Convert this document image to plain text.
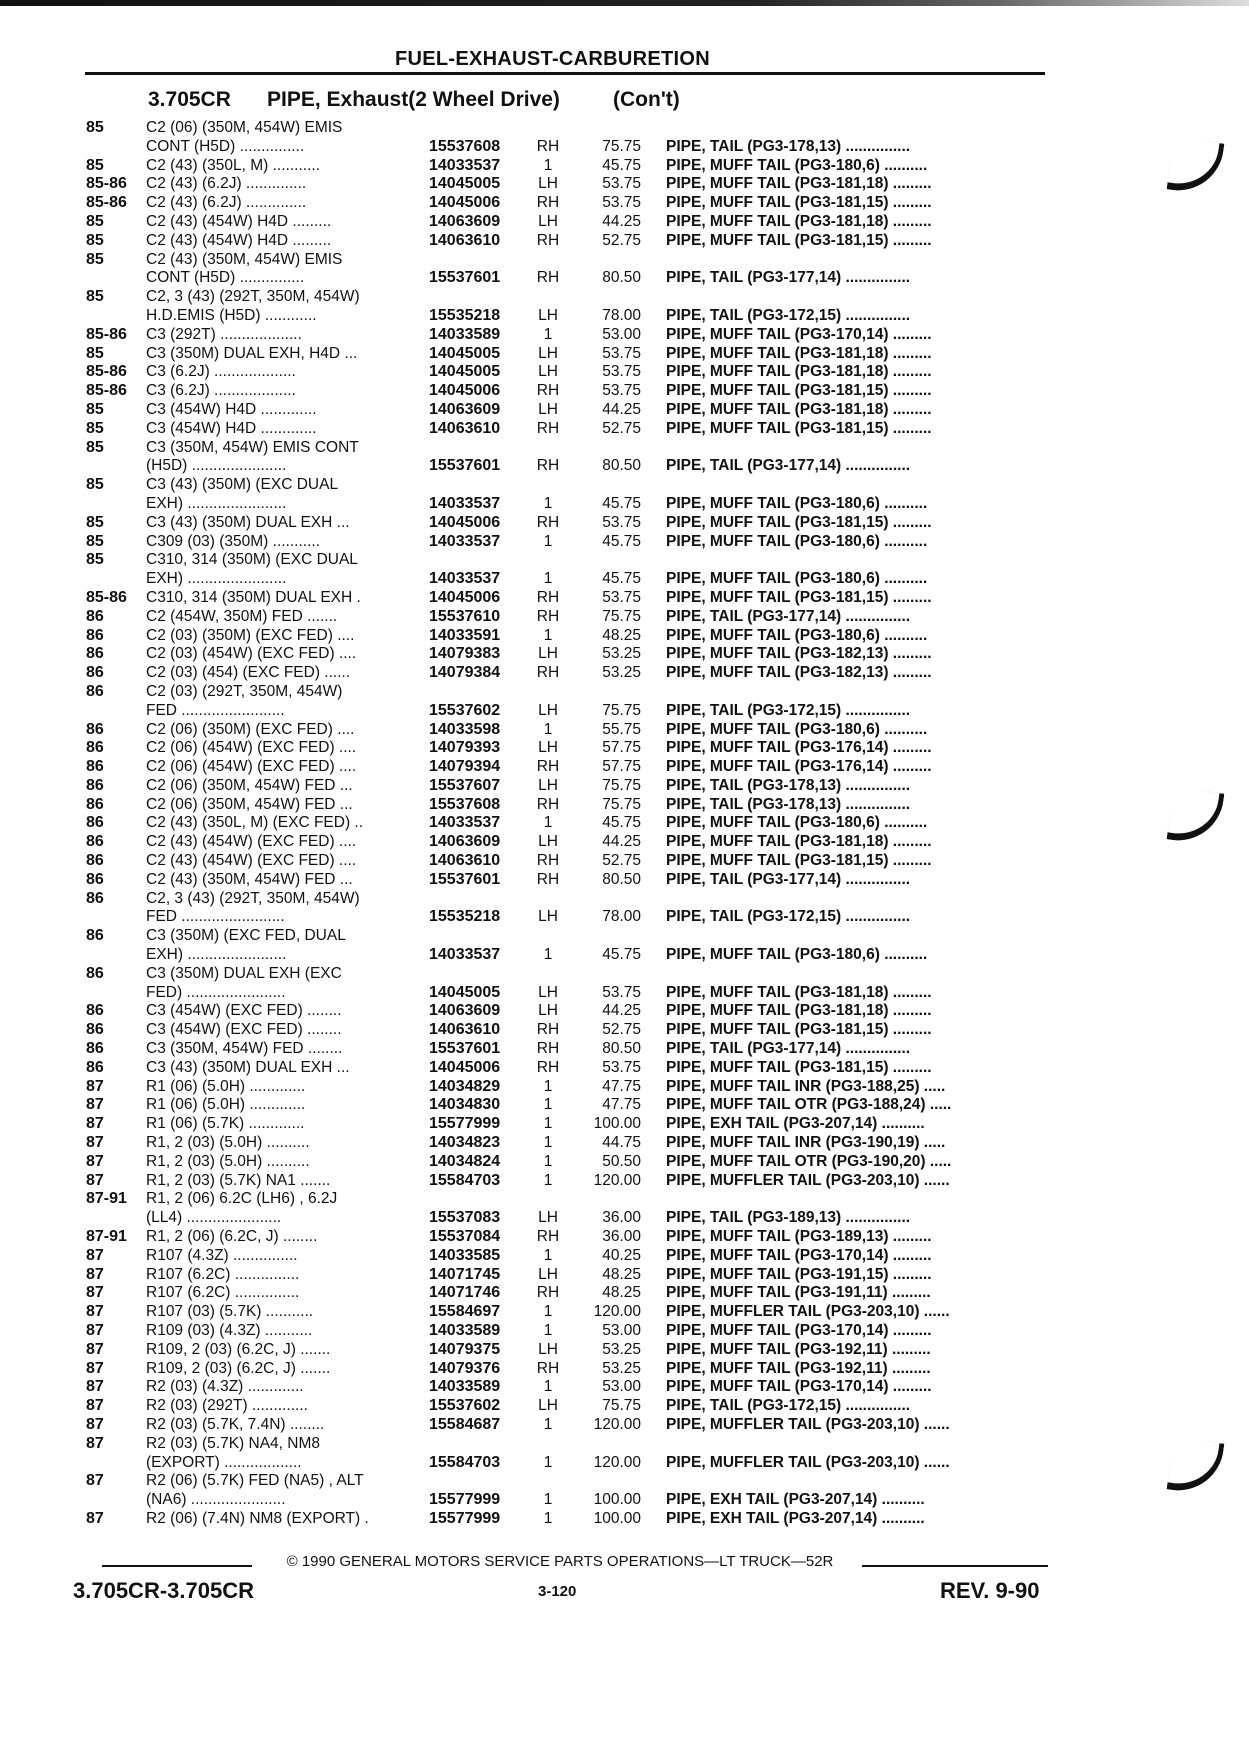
FUEL-EXHAUST-CARBURETION
3.705CR	PIPE, Exhaust(2 Wheel Drive)	(Con't)
85	C2 (06) (350M, 454W) EMIS
CONT (H5D) ...............	15537608	RH	75.75	PIPE, TAIL (PG3-178,13) ...............
85	C2 (43) (350L, M) ...........	14033537	1	45.75	PIPE, MUFF TAIL (PG3-180,6) ..........
85-86	C2 (43) (6.2J) ..............	14045005	LH	53.75	PIPE, MUFF TAIL (PG3-181,18) .........
85-86	C2 (43) (6.2J) ..............	14045006	RH	53.75	PIPE, MUFF TAIL (PG3-181,15) .........
85	C2 (43) (454W) H4D .........	14063609	LH	44.25	PIPE, MUFF TAIL (PG3-181,18) .........
85	C2 (43) (454W) H4D .........	14063610	RH	52.75	PIPE, MUFF TAIL (PG3-181,15) .........
85	C2 (43) (350M, 454W) EMIS
CONT (H5D) ...............	15537601	RH	80.50	PIPE, TAIL (PG3-177,14) ...............
85	C2, 3 (43) (292T, 350M, 454W)
H.D.EMIS (H5D) ............	15535218	LH	78.00	PIPE, TAIL (PG3-172,15) ...............
85-86	C3 (292T) ...................	14033589	1	53.00	PIPE, MUFF TAIL (PG3-170,14) .........
85	C3 (350M) DUAL EXH, H4D ...	14045005	LH	53.75	PIPE, MUFF TAIL (PG3-181,18) .........
85-86	C3 (6.2J) ...................	14045005	LH	53.75	PIPE, MUFF TAIL (PG3-181,18) .........
85-86	C3 (6.2J) ...................	14045006	RH	53.75	PIPE, MUFF TAIL (PG3-181,15) .........
85	C3 (454W) H4D .............	14063609	LH	44.25	PIPE, MUFF TAIL (PG3-181,18) .........
85	C3 (454W) H4D .............	14063610	RH	52.75	PIPE, MUFF TAIL (PG3-181,15) .........
85	C3 (350M, 454W) EMIS CONT
(H5D) ......................	15537601	RH	80.50	PIPE, TAIL (PG3-177,14) ...............
85	C3 (43) (350M) (EXC DUAL
EXH) .......................	14033537	1	45.75	PIPE, MUFF TAIL (PG3-180,6) ..........
85	C3 (43) (350M) DUAL EXH ...	14045006	RH	53.75	PIPE, MUFF TAIL (PG3-181,15) .........
85	C309 (03) (350M) ...........	14033537	1	45.75	PIPE, MUFF TAIL (PG3-180,6) ..........
85	C310, 314 (350M) (EXC DUAL
EXH) .......................	14033537	1	45.75	PIPE, MUFF TAIL (PG3-180,6) ..........
85-86	C310, 314 (350M) DUAL EXH .	14045006	RH	53.75	PIPE, MUFF TAIL (PG3-181,15) .........
86	C2 (454W, 350M) FED .......	15537610	RH	75.75	PIPE, TAIL (PG3-177,14) ...............
86	C2 (03) (350M) (EXC FED) ....	14033591	1	48.25	PIPE, MUFF TAIL (PG3-180,6) ..........
86	C2 (03) (454W) (EXC FED) ....	14079383	LH	53.25	PIPE, MUFF TAIL (PG3-182,13) .........
86	C2 (03) (454) (EXC FED) ......	14079384	RH	53.25	PIPE, MUFF TAIL (PG3-182,13) .........
86	C2 (03) (292T, 350M, 454W)
FED ........................	15537602	LH	75.75	PIPE, TAIL (PG3-172,15) ...............
86	C2 (06) (350M) (EXC FED) ....	14033598	1	55.75	PIPE, MUFF TAIL (PG3-180,6) ..........
86	C2 (06) (454W) (EXC FED) ....	14079393	LH	57.75	PIPE, MUFF TAIL (PG3-176,14) .........
86	C2 (06) (454W) (EXC FED) ....	14079394	RH	57.75	PIPE, MUFF TAIL (PG3-176,14) .........
86	C2 (06) (350M, 454W) FED ...	15537607	LH	75.75	PIPE, TAIL (PG3-178,13) ...............
86	C2 (06) (350M, 454W) FED ...	15537608	RH	75.75	PIPE, TAIL (PG3-178,13) ...............
86	C2 (43) (350L, M) (EXC FED) ..	14033537	1	45.75	PIPE, MUFF TAIL (PG3-180,6) ..........
86	C2 (43) (454W) (EXC FED) ....	14063609	LH	44.25	PIPE, MUFF TAIL (PG3-181,18) .........
86	C2 (43) (454W) (EXC FED) ....	14063610	RH	52.75	PIPE, MUFF TAIL (PG3-181,15) .........
86	C2 (43) (350M, 454W) FED ...	15537601	RH	80.50	PIPE, TAIL (PG3-177,14) ...............
86	C2, 3 (43) (292T, 350M, 454W)
FED ........................	15535218	LH	78.00	PIPE, TAIL (PG3-172,15) ...............
86	C3 (350M) (EXC FED, DUAL
EXH) .......................	14033537	1	45.75	PIPE, MUFF TAIL (PG3-180,6) ..........
86	C3 (350M) DUAL EXH (EXC
FED) .......................	14045005	LH	53.75	PIPE, MUFF TAIL (PG3-181,18) .........
86	C3 (454W) (EXC FED) ........	14063609	LH	44.25	PIPE, MUFF TAIL (PG3-181,18) .........
86	C3 (454W) (EXC FED) ........	14063610	RH	52.75	PIPE, MUFF TAIL (PG3-181,15) .........
86	C3 (350M, 454W) FED ........	15537601	RH	80.50	PIPE, TAIL (PG3-177,14) ...............
86	C3 (43) (350M) DUAL EXH ...	14045006	RH	53.75	PIPE, MUFF TAIL (PG3-181,15) .........
87	R1 (06) (5.0H) .............	14034829	1	47.75	PIPE, MUFF TAIL INR (PG3-188,25) .....
87	R1 (06) (5.0H) .............	14034830	1	47.75	PIPE, MUFF TAIL OTR (PG3-188,24) .....
87	R1 (06) (5.7K) .............	15577999	1	100.00	PIPE, EXH TAIL (PG3-207,14) ..........
87	R1, 2 (03) (5.0H) ..........	14034823	1	44.75	PIPE, MUFF TAIL INR (PG3-190,19) .....
87	R1, 2 (03) (5.0H) ..........	14034824	1	50.50	PIPE, MUFF TAIL OTR (PG3-190,20) .....
87	R1, 2 (03) (5.7K) NA1 .......	15584703	1	120.00	PIPE, MUFFLER TAIL (PG3-203,10) ......
87-91	R1, 2 (06) 6.2C (LH6) , 6.2J
(LL4) ......................	15537083	LH	36.00	PIPE, TAIL (PG3-189,13) ...............
87-91	R1, 2 (06) (6.2C, J) ........	15537084	RH	36.00	PIPE, MUFF TAIL (PG3-189,13) .........
87	R107 (4.3Z) ...............	14033585	1	40.25	PIPE, MUFF TAIL (PG3-170,14) .........
87	R107 (6.2C) ...............	14071745	LH	48.25	PIPE, MUFF TAIL (PG3-191,15) .........
87	R107 (6.2C) ...............	14071746	RH	48.25	PIPE, MUFF TAIL (PG3-191,11) .........
87	R107 (03) (5.7K) ...........	15584697	1	120.00	PIPE, MUFFLER TAIL (PG3-203,10) ......
87	R109 (03) (4.3Z) ...........	14033589	1	53.00	PIPE, MUFF TAIL (PG3-170,14) .........
87	R109, 2 (03) (6.2C, J) .......	14079375	LH	53.25	PIPE, MUFF TAIL (PG3-192,11) .........
87	R109, 2 (03) (6.2C, J) .......	14079376	RH	53.25	PIPE, MUFF TAIL (PG3-192,11) .........
87	R2 (03) (4.3Z) .............	14033589	1	53.00	PIPE, MUFF TAIL (PG3-170,14) .........
87	R2 (03) (292T) .............	15537602	LH	75.75	PIPE, TAIL (PG3-172,15) ...............
87	R2 (03) (5.7K, 7.4N) ........	15584687	1	120.00	PIPE, MUFFLER TAIL (PG3-203,10) ......
87	R2 (03) (5.7K) NA4, NM8
(EXPORT) ..................	15584703	1	120.00	PIPE, MUFFLER TAIL (PG3-203,10) ......
87	R2 (06) (5.7K) FED (NA5) , ALT
(NA6) ......................	15577999	1	100.00	PIPE, EXH TAIL (PG3-207,14) ..........
87	R2 (06) (7.4N) NM8 (EXPORT) .	15577999	1	100.00	PIPE, EXH TAIL (PG3-207,14) ..........
© 1990 GENERAL MOTORS SERVICE PARTS OPERATIONS—LT TRUCK—52R
3.705CR-3.705CR	3-120	REV. 9-90
